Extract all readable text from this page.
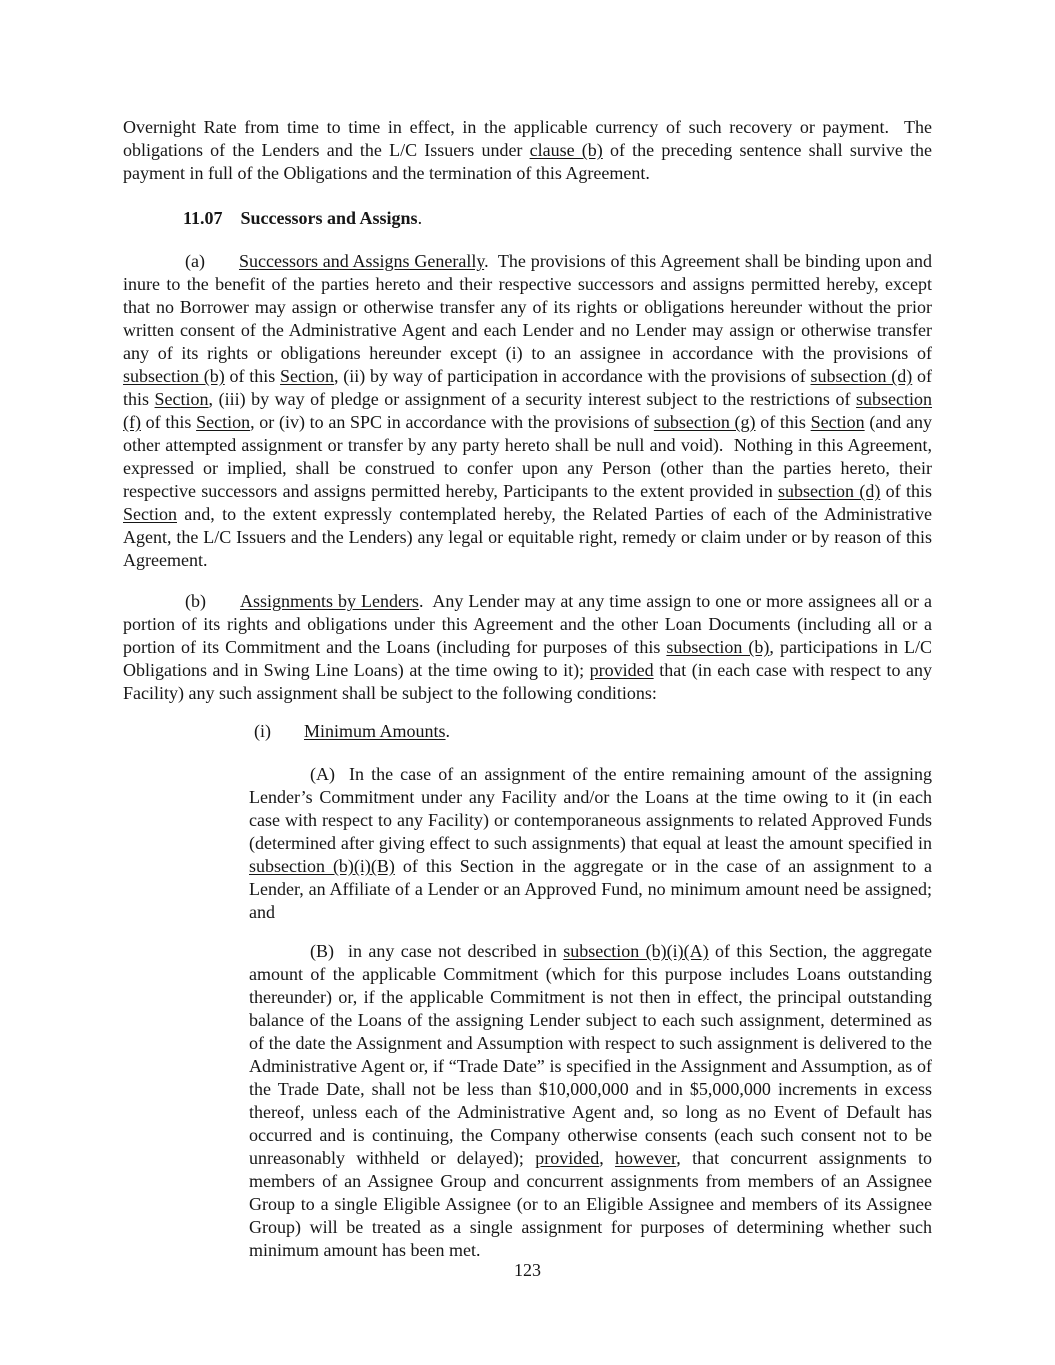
Overnight Rate from time to time in effect, in the applicable currency of such recovery or payment.  The obligations of the Lenders and the L/C Issuers under clause (b) of the preceding sentence shall survive the payment in full of the Obligations and the termination of this Agreement.

11.07 Successors and Assigns.

(a) Successors and Assigns Generally.  The provisions of this Agreement shall be binding upon and inure to the benefit of the parties hereto and their respective successors and assigns permitted hereby, except that no Borrower may assign or otherwise transfer any of its rights or obligations hereunder without the prior written consent of the Administrative Agent and each Lender and no Lender may assign or otherwise transfer any of its rights or obligations hereunder except (i) to an assignee in accordance with the provisions of subsection (b) of this Section, (ii) by way of participation in accordance with the provisions of subsection (d) of this Section, (iii) by way of pledge or assignment of a security interest subject to the restrictions of subsection (f) of this Section, or (iv) to an SPC in accordance with the provisions of subsection (g) of this Section (and any other attempted assignment or transfer by any party hereto shall be null and void).  Nothing in this Agreement, expressed or implied, shall be construed to confer upon any Person (other than the parties hereto, their respective successors and assigns permitted hereby, Participants to the extent provided in subsection (d) of this Section and, to the extent expressly contemplated hereby, the Related Parties of each of the Administrative Agent, the L/C Issuers and the Lenders) any legal or equitable right, remedy or claim under or by reason of this Agreement.

(b) Assignments by Lenders.  Any Lender may at any time assign to one or more assignees all or a portion of its rights and obligations under this Agreement and the other Loan Documents (including all or a portion of its Commitment and the Loans (including for purposes of this subsection (b), participations in L/C Obligations and in Swing Line Loans) at the time owing to it); provided that (in each case with respect to any Facility) any such assignment shall be subject to the following conditions:

(i) Minimum Amounts.

(A) In the case of an assignment of the entire remaining amount of the assigning Lender’s Commitment under any Facility and/or the Loans at the time owing to it (in each case with respect to any Facility) or contemporaneous assignments to related Approved Funds (determined after giving effect to such assignments) that equal at least the amount specified in subsection (b)(i)(B) of this Section in the aggregate or in the case of an assignment to a Lender, an Affiliate of a Lender or an Approved Fund, no minimum amount need be assigned; and

(B) in any case not described in subsection (b)(i)(A) of this Section, the aggregate amount of the applicable Commitment (which for this purpose includes Loans outstanding thereunder) or, if the applicable Commitment is not then in effect, the principal outstanding balance of the Loans of the assigning Lender subject to each such assignment, determined as of the date the Assignment and Assumption with respect to such assignment is delivered to the Administrative Agent or, if “Trade Date” is specified in the Assignment and Assumption, as of the Trade Date, shall not be less than $10,000,000 and in $5,000,000 increments in excess thereof, unless each of the Administrative Agent and, so long as no Event of Default has occurred and is continuing, the Company otherwise consents (each such consent not to be unreasonably withheld or delayed); provided, however, that concurrent assignments to members of an Assignee Group and concurrent assignments from members of an Assignee Group to a single Eligible Assignee (or to an Eligible Assignee and members of its Assignee Group) will be treated as a single assignment for purposes of determining whether such minimum amount has been met.

123
